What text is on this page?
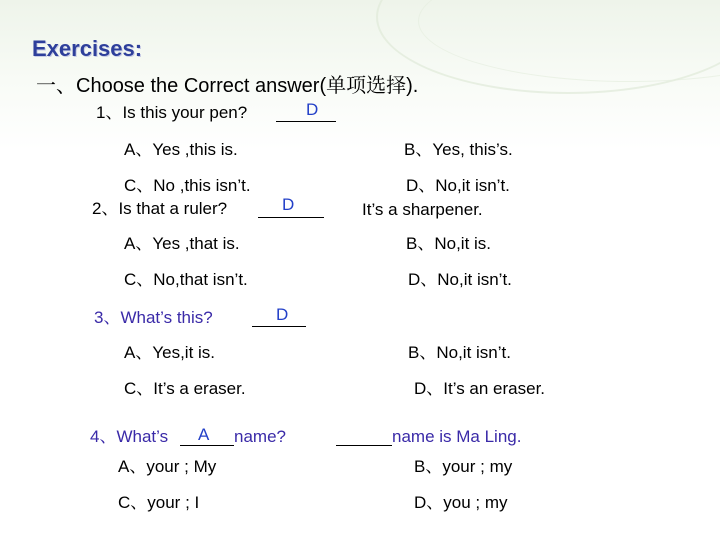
Exercises:
一、Choose the Correct answer(单项选择).
1、Is this your pen?	D
A、Yes ,this is.	B、Yes, this’s.
C、No ,this isn’t.	D、No,it isn’t.
It’s a sharpener.
2、Is that a ruler?	D
A、Yes ,that is.	B、No,it is.
C、No,that isn’t.	D、No,it isn’t.
3、What’s this?	D
A、Yes,it is.	B、No,it isn’t.
C、It’s a eraser.	D、It’s an eraser.
4、What’s A name?	name is Ma Ling.
A、your ; My	B、your ; my
C、your ; I	D、you ; my
